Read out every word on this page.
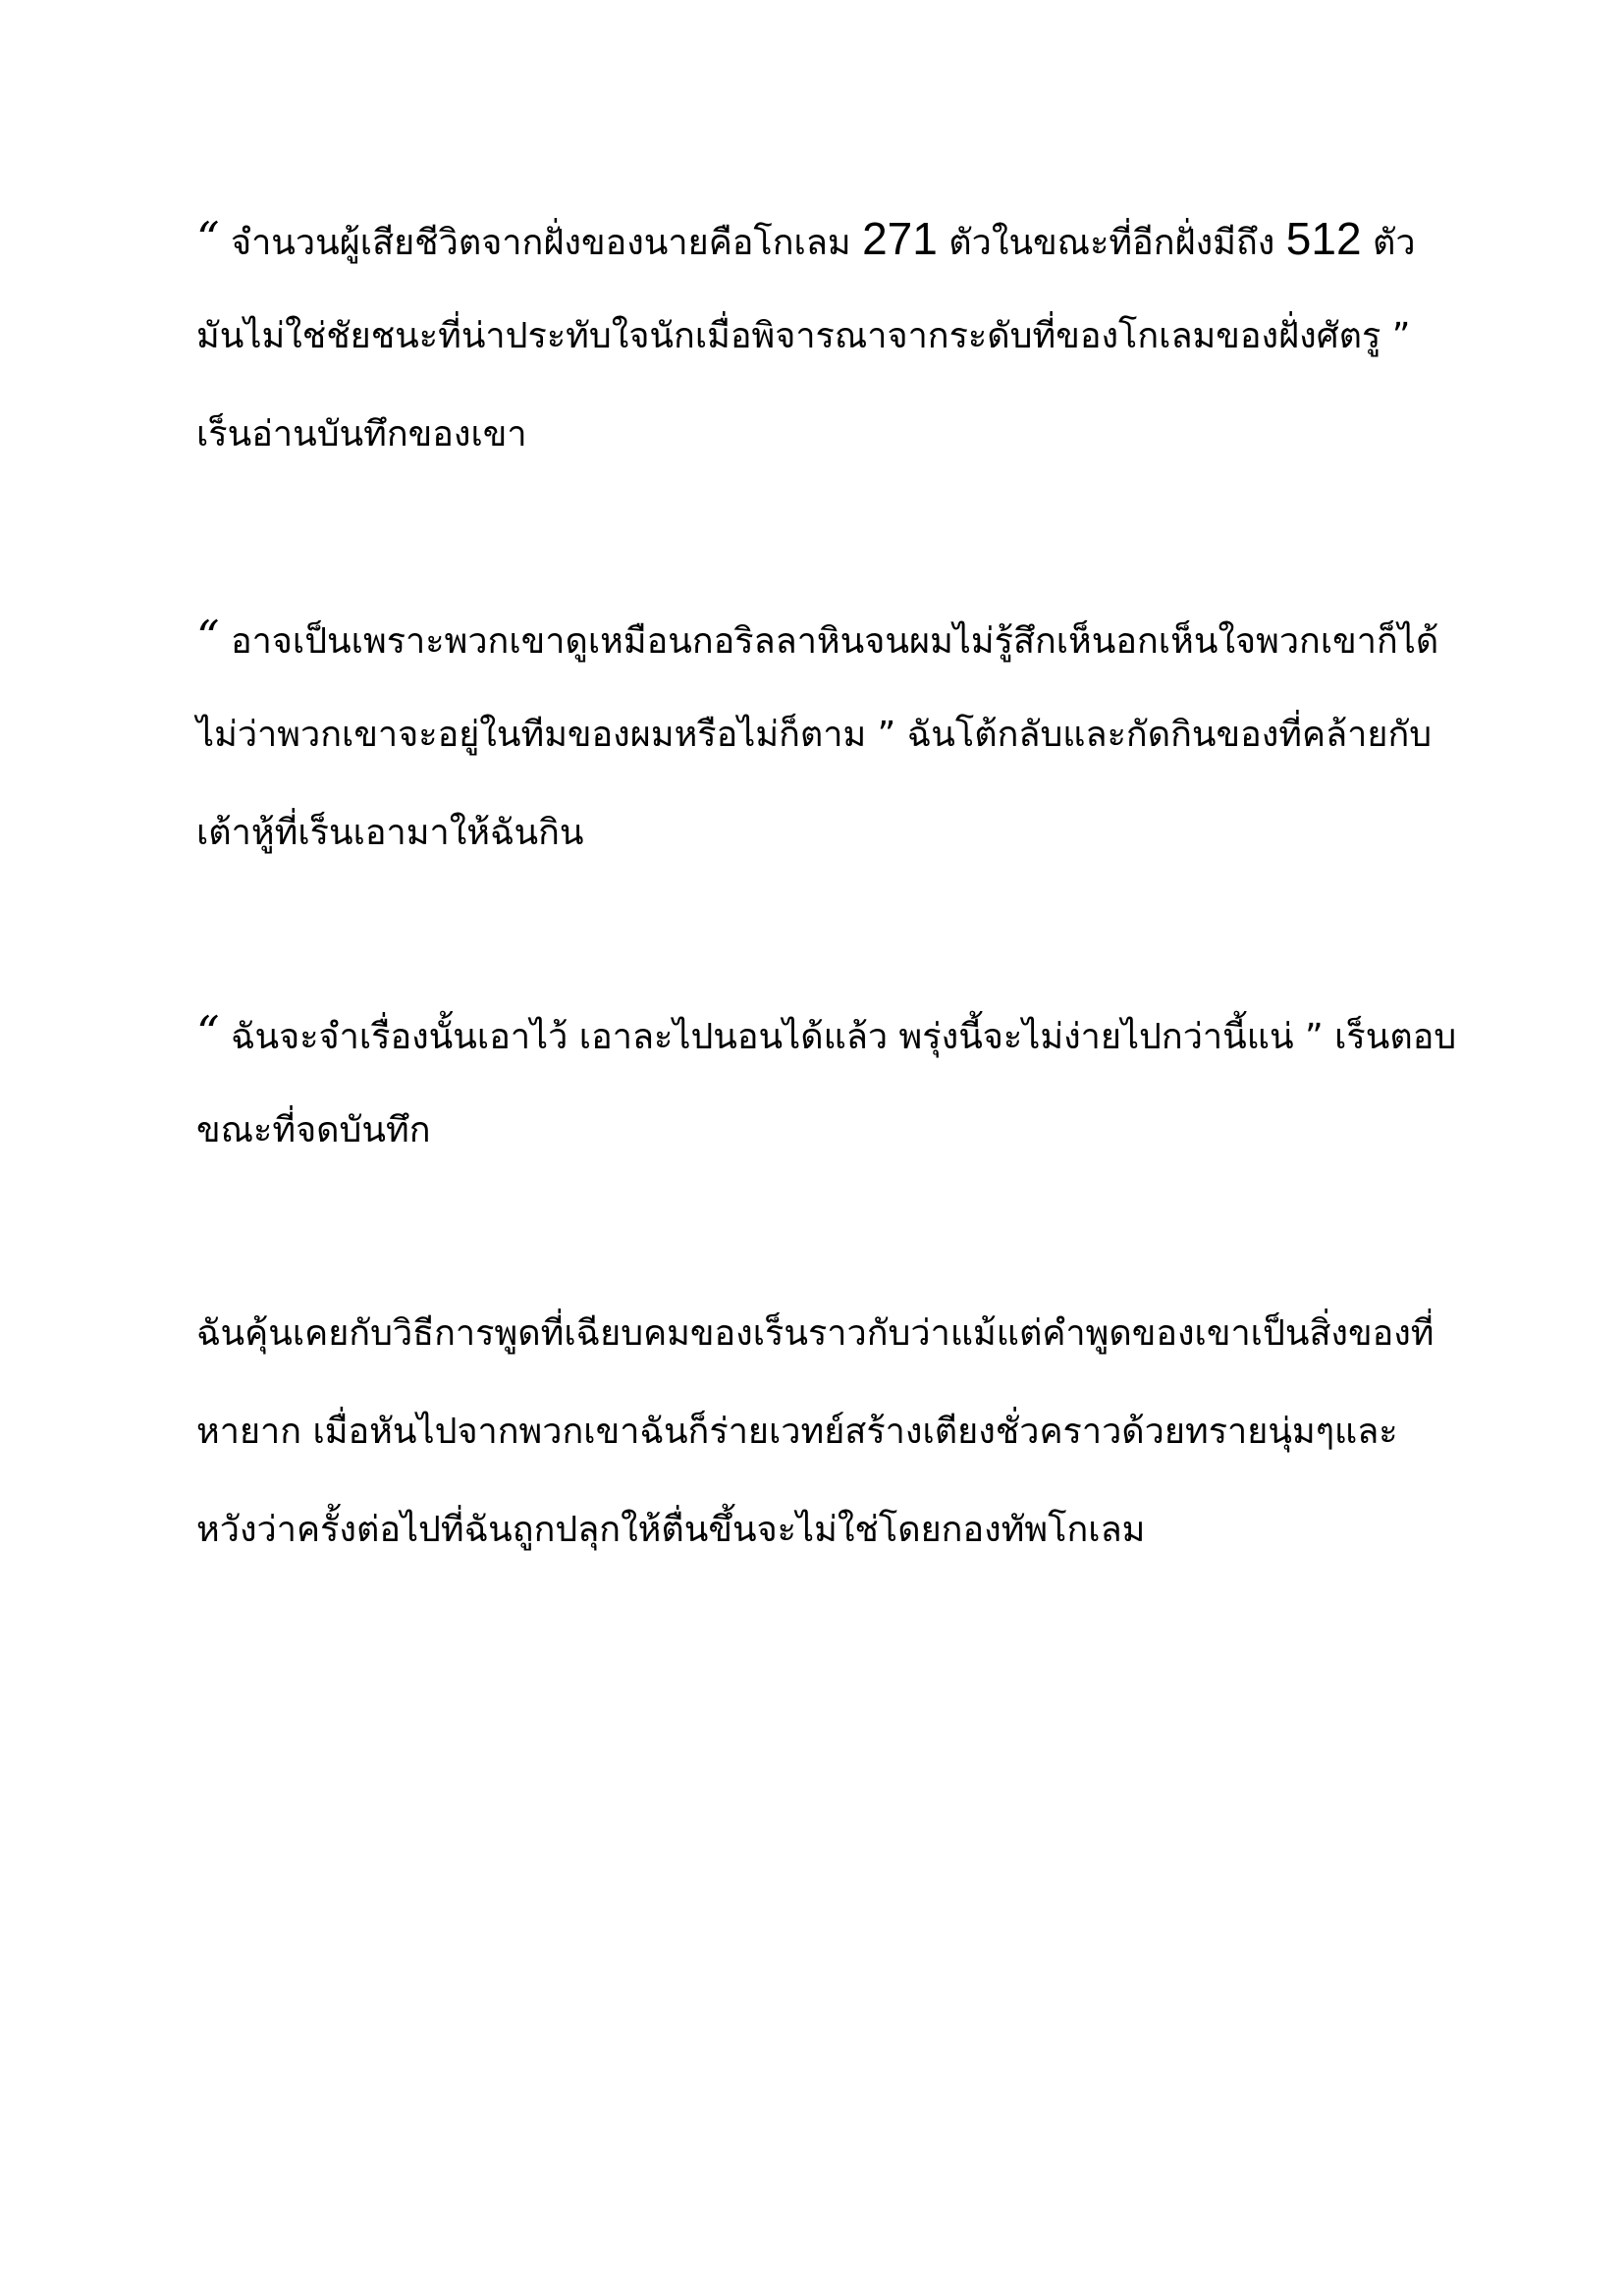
“ จำนวนผู้เสียชีวิตจากฝั่งของนายคือโกเลม 271 ตัวในขณะที่อีกฝั่งมีถึง 512 ตัว
มันไม่ใช่ชัยชนะที่น่าประทับใจนักเมื่อพิจารณาจากระดับที่ของโกเลมของฝั่งศัตรู ”
เร็นอ่านบันทึกของเขา
“ อาจเป็นเพราะพวกเขาดูเหมือนกอริลลาหินจนผมไม่รู้สึกเห็นอกเห็นใจพวกเขาก็ได้
ไม่ว่าพวกเขาจะอยู่ในทีมของผมหรือไม่ก็ตาม ” ฉันโต้กลับและกัดกินของที่คล้ายกับ
เต้าหู้ที่เร็นเอามาให้ฉันกิน
“ ฉันจะจำเรื่องนั้นเอาไว้ เอาละไปนอนได้แล้ว พรุ่งนี้จะไม่ง่ายไปกว่านี้แน่ ” เร็นตอบ
ขณะที่จดบันทึก
ฉันคุ้นเคยกับวิธีการพูดที่เฉียบคมของเร็นราวกับว่าแม้แต่คำพูดของเขาเป็นสิ่งของที่
หายาก เมื่อหันไปจากพวกเขาฉันก็ร่ายเวทย์สร้างเตียงชั่วคราวด้วยทรายนุ่มๆและ
หวังว่าครั้งต่อไปที่ฉันถูกปลุกให้ตื่นขึ้นจะไม่ใช่โดยกองทัพโกเลม
